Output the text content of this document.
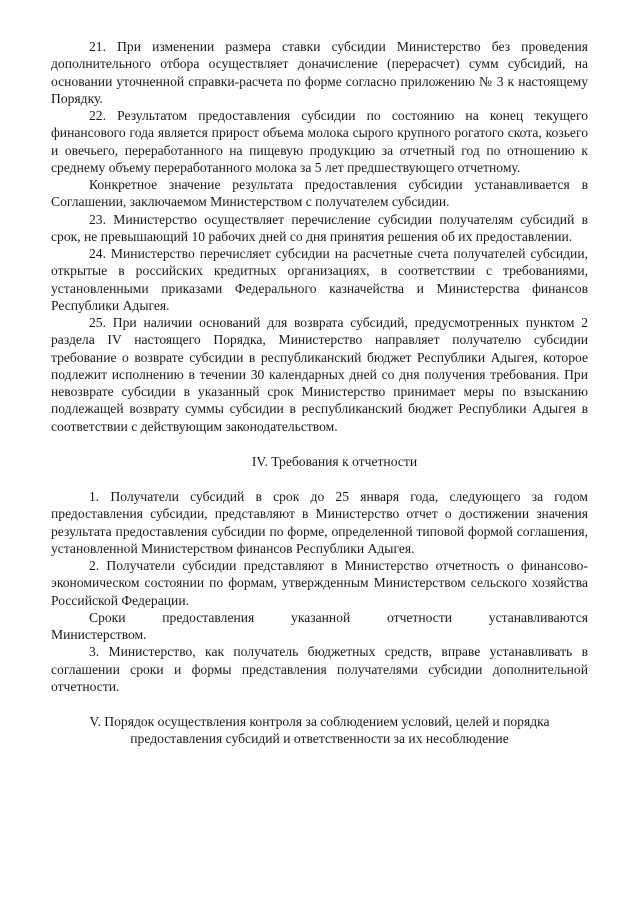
21. При изменении размера ставки субсидии Министерство без проведения дополнительного отбора осуществляет доначисление (перерасчет) сумм субсидий, на основании уточненной справки-расчета по форме согласно приложению № 3 к настоящему Порядку.

22. Результатом предоставления субсидии по состоянию на конец текущего финансового года является прирост объема молока сырого крупного рогатого скота, козьего и овечьего, переработанного на пищевую продукцию за отчетный год по отношению к среднему объему переработанного молока за 5 лет предшествующего отчетному.

Конкретное значение результата предоставления субсидии устанавливается в Соглашении, заключаемом Министерством с получателем субсидии.

23. Министерство осуществляет перечисление субсидии получателям субсидий в срок, не превышающий 10 рабочих дней со дня принятия решения об их предоставлении.

24. Министерство перечисляет субсидии на расчетные счета получателей субсидии, открытые в российских кредитных организациях, в соответствии с требованиями, установленными приказами Федерального казначейства и Министерства финансов Республики Адыгея.

25. При наличии оснований для возврата субсидий, предусмотренных пунктом 2 раздела IV настоящего Порядка, Министерство направляет получателю субсидии требование о возврате субсидии в республиканский бюджет Республики Адыгея, которое подлежит исполнению в течении 30 календарных дней со дня получения требования. При невозврате субсидии в указанный срок Министерство принимает меры по взысканию подлежащей возврату суммы субсидии в республиканский бюджет Республики Адыгея в соответствии с действующим законодательством.

IV. Требования к отчетности

1. Получатели субсидий в срок до 25 января года, следующего за годом предоставления субсидии, представляют в Министерство отчет о достижении значения результата предоставления субсидии по форме, определенной типовой формой соглашения, установленной Министерством финансов Республики Адыгея.

2. Получатели субсидии представляют в Министерство отчетность о финансово-экономическом состоянии по формам, утвержденным Министерством сельского хозяйства Российской Федерации.

Сроки предоставления указанной отчетности устанавливаются

Министерством.

3. Министерство, как получатель бюджетных средств, вправе устанавливать в соглашении сроки и формы представления получателями субсидии дополнительной отчетности.

V. Порядок осуществления контроля за соблюдением условий, целей и порядка
предоставления субсидий и ответственности за их несоблюдение
